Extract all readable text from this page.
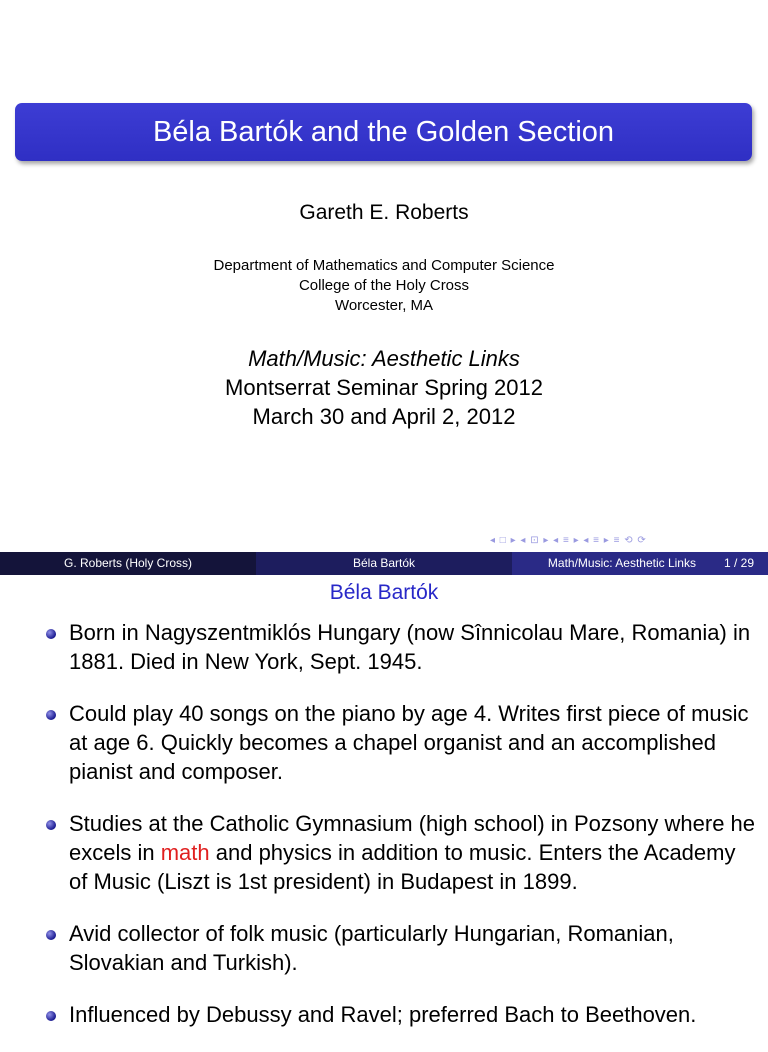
Béla Bartók and the Golden Section
Gareth E. Roberts
Department of Mathematics and Computer Science
College of the Holy Cross
Worcester, MA
Math/Music: Aesthetic Links
Montserrat Seminar Spring 2012
March 30 and April 2, 2012
◂ □ ▸ ◂ ⊡ ▸ ◂ ≡ ▸ ◂ ≡ ▸ ≡ ⟲ ⟳
G. Roberts (Holy Cross)	Béla Bartók	Math/Music: Aesthetic Links 1 / 29
Béla Bartók
Born in Nagyszentmiklós Hungary (now Sînnicolau Mare, Romania) in 1881. Died in New York, Sept. 1945.
Could play 40 songs on the piano by age 4. Writes first piece of music at age 6. Quickly becomes a chapel organist and an accomplished pianist and composer.
Studies at the Catholic Gymnasium (high school) in Pozsony where he excels in math and physics in addition to music. Enters the Academy of Music (Liszt is 1st president) in Budapest in 1899.
Avid collector of folk music (particularly Hungarian, Romanian, Slovakian and Turkish).
Influenced by Debussy and Ravel; preferred Bach to Beethoven.
